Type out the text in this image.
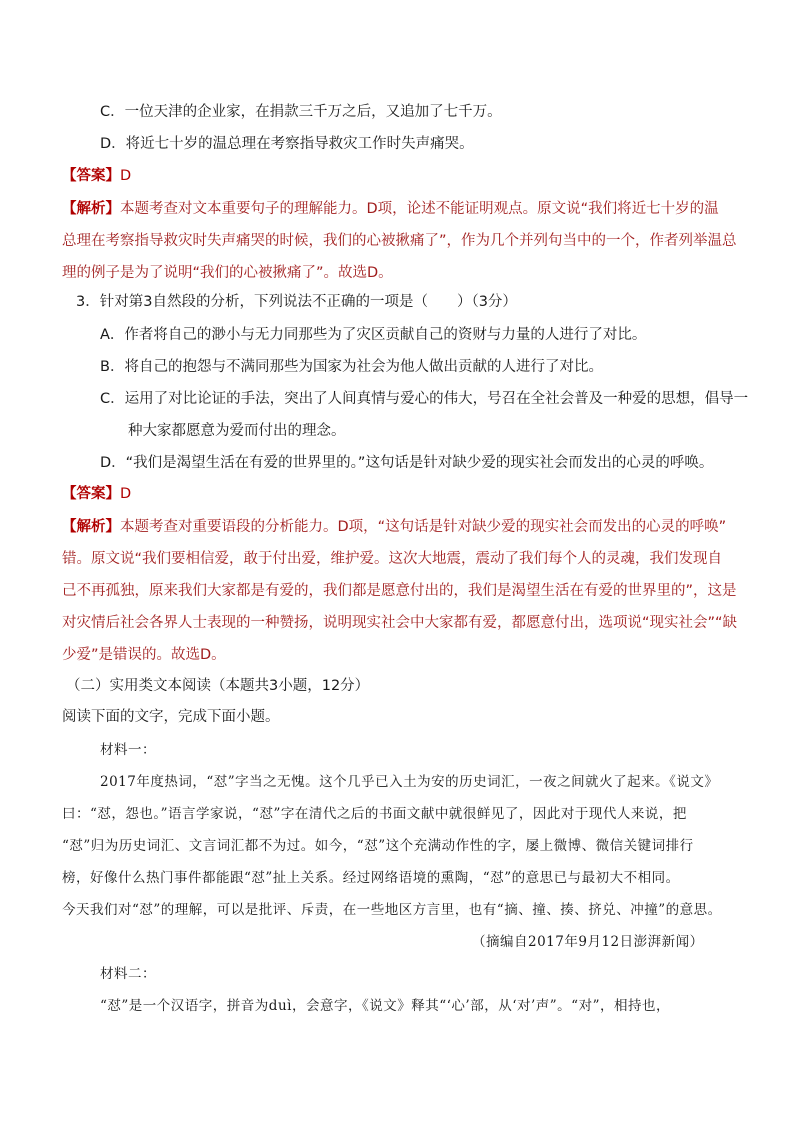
C．一位天津的企业家，在捐款三千万之后，又追加了七千万。
D．将近七十岁的温总理在考察指导救灾工作时失声痛哭。
【答案】D
【解析】本题考查对文本重要句子的理解能力。D项，论述不能证明观点。原文说“我们将近七十岁的温
总理在考察指导救灾时失声痛哭的时候，我们的心被揪痛了”，作为几个并列句当中的一个，作者列举温总
理的例子是为了说明“我们的心被揪痛了”。故选D。
3．针对第3自然段的分析，下列说法不正确的一项是（　　）（3分）
A．作者将自己的渺小与无力同那些为了灾区贡献自己的资财与力量的人进行了对比。
B．将自己的抱怨与不满同那些为国家为社会为他人做出贡献的人进行了对比。
C．运用了对比论证的手法，突出了人间真情与爱心的伟大，号召在全社会普及一种爱的思想，倡导一
种大家都愿意为爱而付出的理念。
D．“我们是渴望生活在有爱的世界里的。”这句话是针对缺少爱的现实社会而发出的心灵的呼唤。
【答案】D
【解析】本题考查对重要语段的分析能力。D项，“这句话是针对缺少爱的现实社会而发出的心灵的呼唤”
错。原文说“我们要相信爱，敢于付出爱，维护爱。这次大地震，震动了我们每个人的灵魂，我们发现自
己不再孤独，原来我们大家都是有爱的，我们都是愿意付出的，我们是渴望生活在有爱的世界里的”，这是
对灾情后社会各界人士表现的一种赞扬，说明现实社会中大家都有爱，都愿意付出，选项说“现实社会”“缺
少爱”是错误的。故选D。
（二）实用类文本阅读（本题共3小题，12分）
阅读下面的文字，完成下面小题。
材料一：
2017年度热词，“怼”字当之无愧。这个几乎已入土为安的历史词汇，一夜之间就火了起来。《说文》
曰：“怼，怨也。”语言学家说，“怼”字在清代之后的书面文献中就很鲜见了，因此对于现代人来说，把
“怼”归为历史词汇、文言词汇都不为过。如今，“怼”这个充满动作性的字，屡上微博、微信关键词排行
榜，好像什么热门事件都能跟“怼”扯上关系。经过网络语境的熏陶，“怼”的意思已与最初大不相同。
今天我们对“怼”的理解，可以是批评、斥责，在一些地区方言里，也有“摘、撞、揍、挤兑、冲撞”的意思。
（摘编自2017年9月12日澎湃新闻）
材料二：
“怼”是一个汉语字，拼音为duì，会意字，《说文》释其“‘心’部，从‘对’声”。“对”，相持也，
